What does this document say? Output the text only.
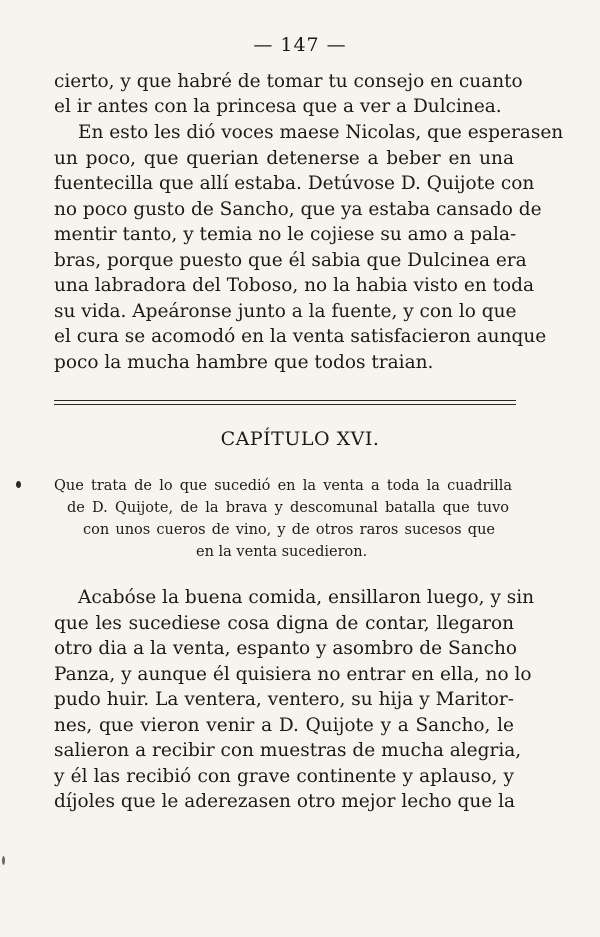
— 147 —
cierto, y que habré de tomar tu consejo en cuanto
el ir antes con la princesa que a ver a Dulcinea.
En esto les dió voces maese Nicolas, que esperasen
un poco, que querian detenerse a beber en una
fuentecilla que allí estaba. Detúvose D. Quijote con
no poco gusto de Sancho, que ya estaba cansado de
mentir tanto, y temia no le cojiese su amo a pala-
bras, porque puesto que él sabia que Dulcinea era
una labradora del Toboso, no la habia visto en toda
su vida. Apeáronse junto a la fuente, y con lo que
el cura se acomodó en la venta satisfacieron aunque
poco la mucha hambre que todos traian.
CAPÍTULO XVI.
Que trata de lo que sucedió en la venta a toda la cuadrilla
de D. Quijote, de la brava y descomunal batalla que tuvo
con unos cueros de vino, y de otros raros sucesos que
en la venta sucedieron.
Acabóse la buena comida, ensillaron luego, y sin
que les sucediese cosa digna de contar, llegaron
otro dia a la venta, espanto y asombro de Sancho
Panza, y aunque él quisiera no entrar en ella, no lo
pudo huir. La ventera, ventero, su hija y Maritor-
nes, que vieron venir a D. Quijote y a Sancho, le
salieron a recibir con muestras de mucha alegria,
y él las recibió con grave continente y aplauso, y
díjoles que le aderezasen otro mejor lecho que la
